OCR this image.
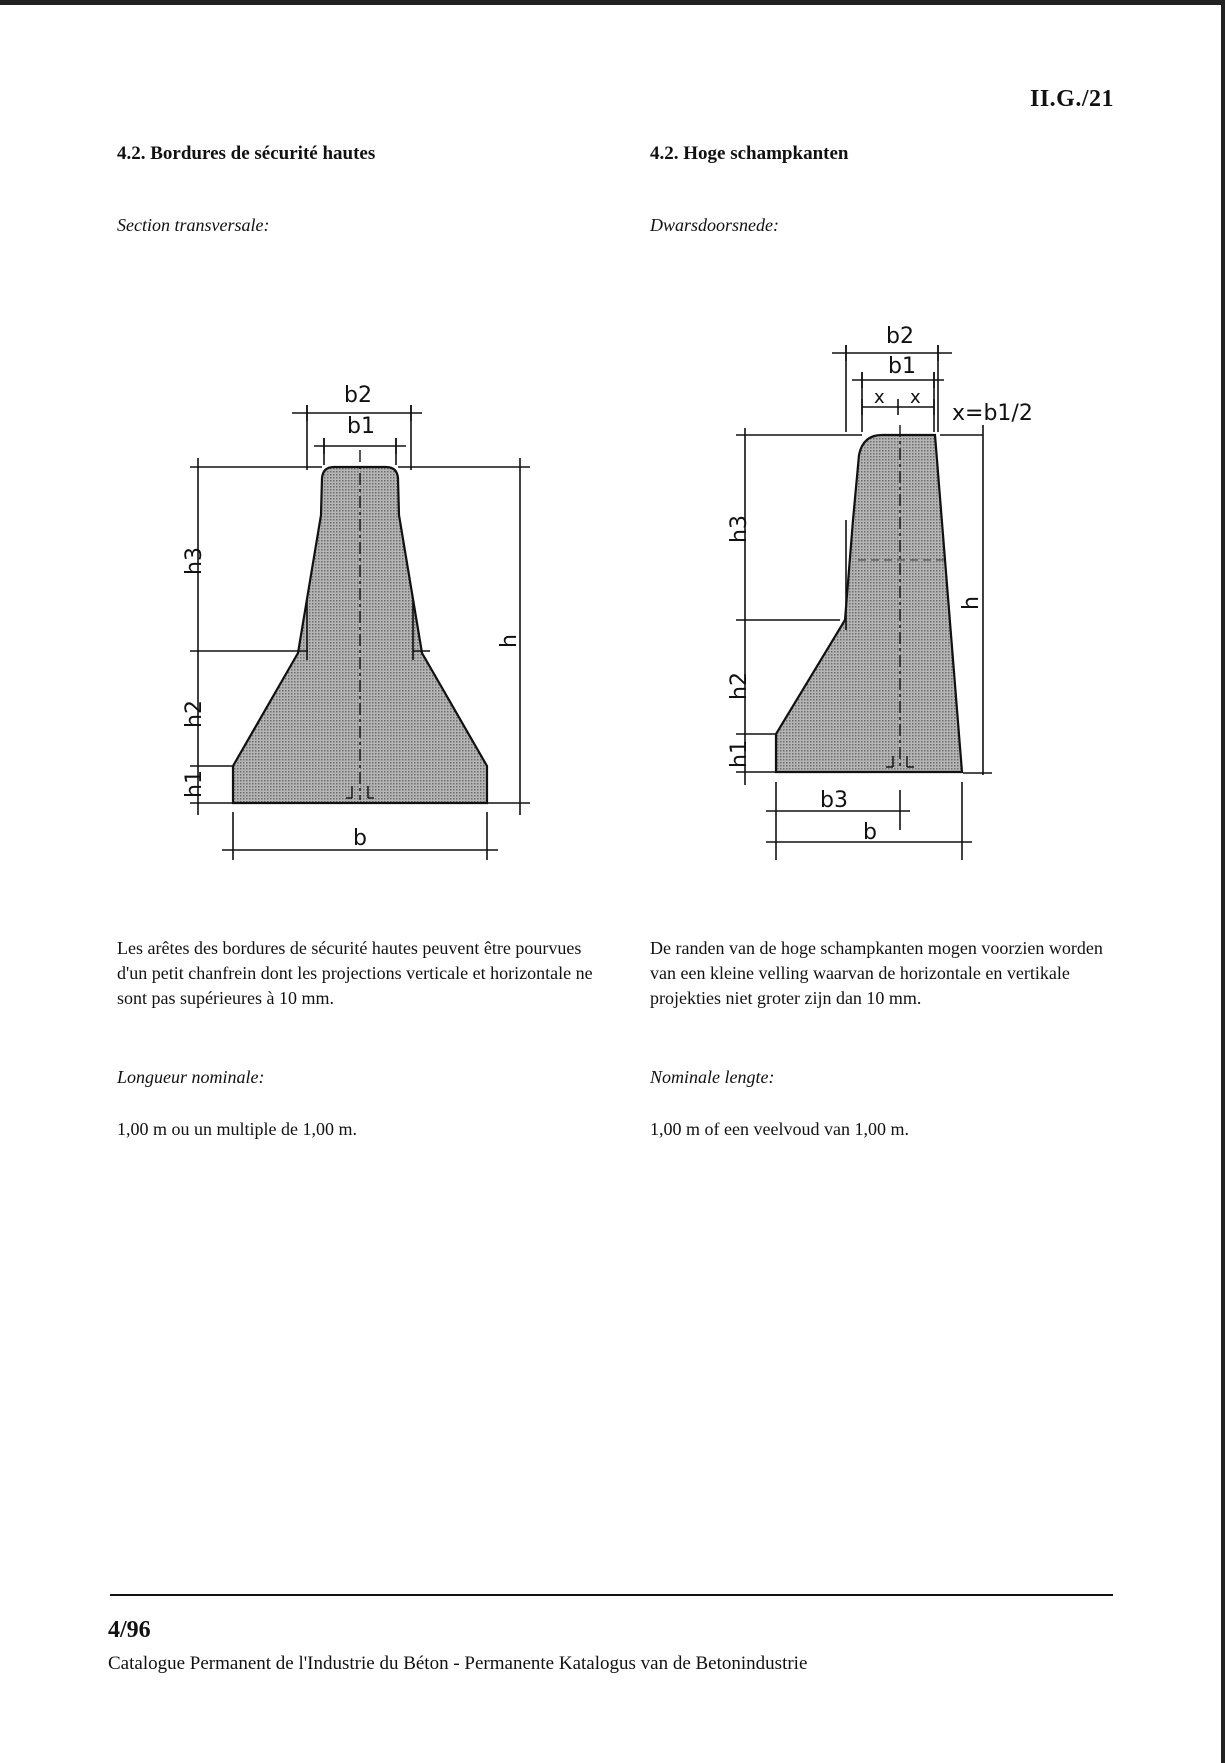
II.G./21
4.2. Bordures de sécurité hautes	4.2. Hoge schampkanten
Section transversale:	Dwarsdoorsnede:
b2
b1
h3
h2
h1
h
b
b2
b1
x x
x=b1/2
h3
h2
h1
h
b3
b

Les arêtes des bordures de sécurité hautes peuvent être pourvues d'un petit chanfrein dont les projections verticale et horizontale ne sont pas supérieures à 10 mm.

De randen van de hoge schampkanten mogen voorzien worden van een kleine velling waarvan de horizontale en vertikale projekties niet groter zijn dan 10 mm.

Longueur nominale:	Nominale lengte:
1,00 m ou un multiple de 1,00 m.	1,00 m of een veelvoud van 1,00 m.
4/96
Catalogue Permanent de l'Industrie du Béton - Permanente Katalogus van de Betonindustrie
